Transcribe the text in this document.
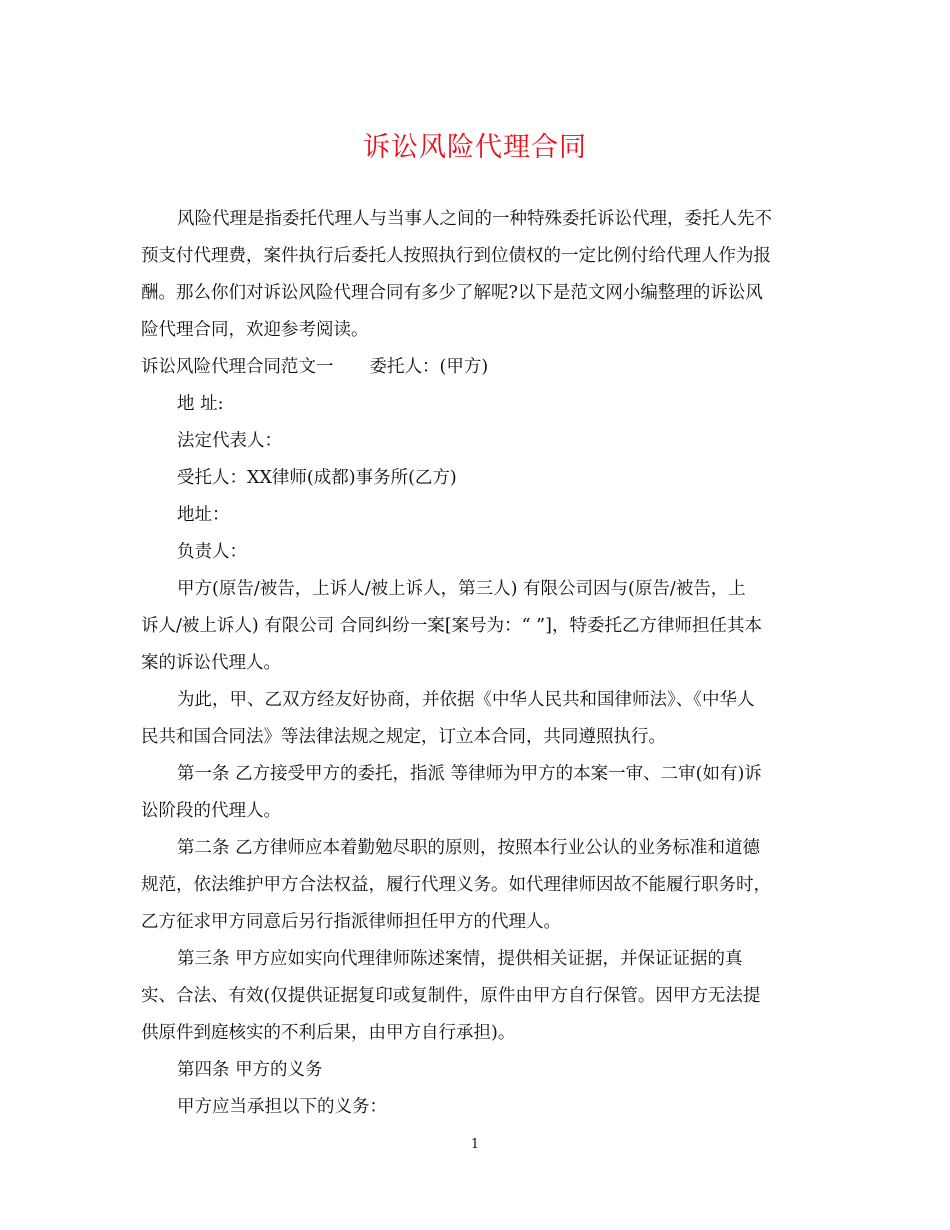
诉讼风险代理合同
风险代理是指委托代理人与当事人之间的一种特殊委托诉讼代理，委托人先不
预支付代理费，案件执行后委托人按照执行到位债权的一定比例付给代理人作为报
酬。那么你们对诉讼风险代理合同有多少了解呢?以下是范文网小编整理的诉讼风
险代理合同，欢迎参考阅读。
诉讼风险代理合同范文一 委托人：(甲方)
地 址:
法定代表人：
受托人：XX律师(成都)事务所(乙方)
地址：
负责人：
甲方(原告/被告，上诉人/被上诉人，第三人) 有限公司因与(原告/被告，上
诉人/被上诉人) 有限公司 合同纠纷一案[案号为：“ ”]，特委托乙方律师担任其本
案的诉讼代理人。
为此，甲、乙双方经友好协商，并依据《中华人民共和国律师法》、《中华人
民共和国合同法》等法律法规之规定，订立本合同，共同遵照执行。
第一条 乙方接受甲方的委托，指派 等律师为甲方的本案一审、二审(如有)诉
讼阶段的代理人。
第二条 乙方律师应本着勤勉尽职的原则，按照本行业公认的业务标准和道德
规范，依法维护甲方合法权益，履行代理义务。如代理律师因故不能履行职务时，
乙方征求甲方同意后另行指派律师担任甲方的代理人。
第三条 甲方应如实向代理律师陈述案情，提供相关证据，并保证证据的真
实、合法、有效(仅提供证据复印或复制件，原件由甲方自行保管。因甲方无法提
供原件到庭核实的不利后果，由甲方自行承担)。
第四条 甲方的义务
甲方应当承担以下的义务：
1
